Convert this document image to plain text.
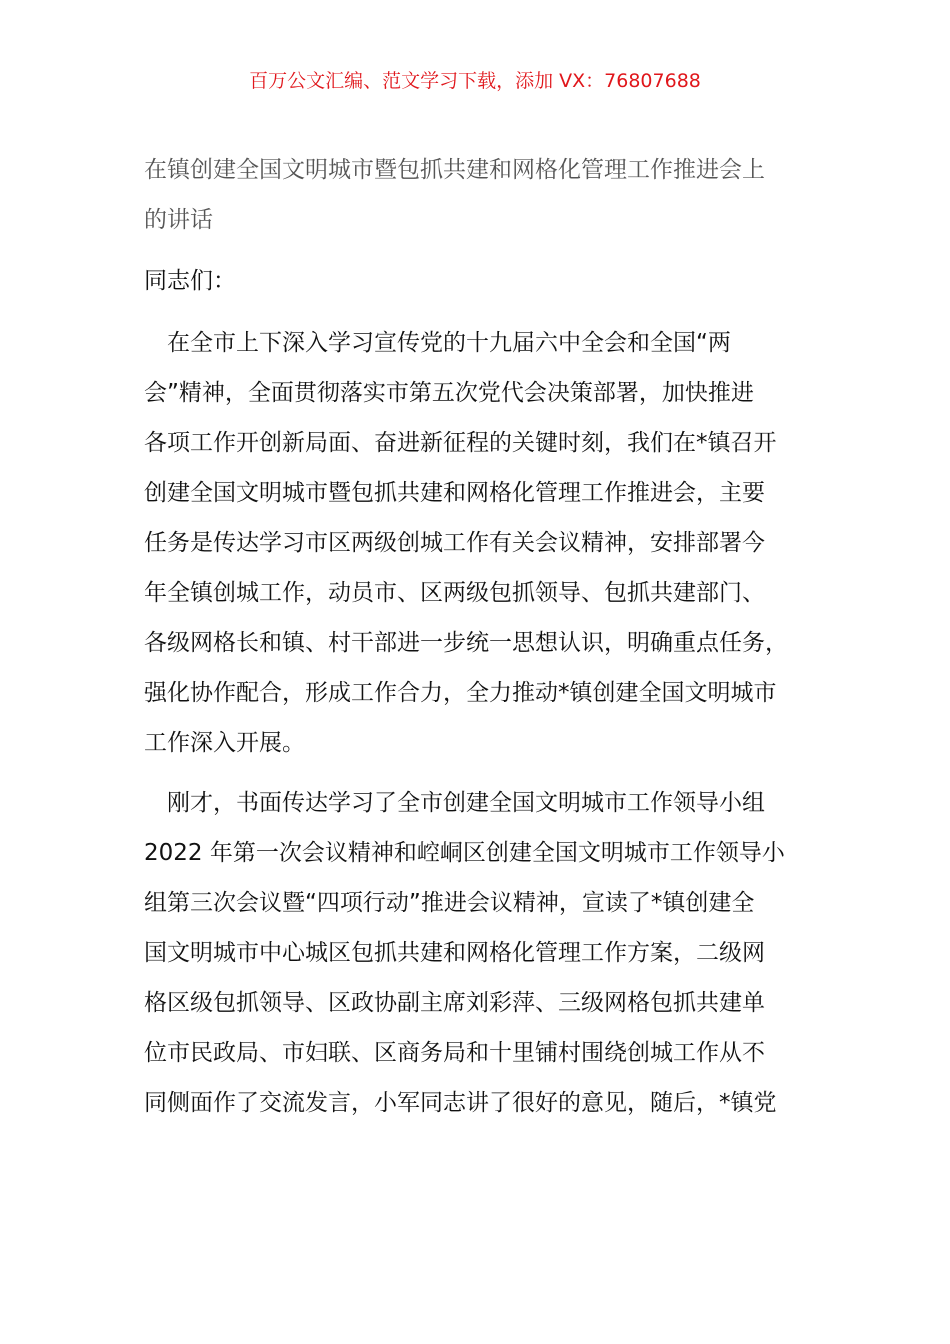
百万公文汇编、范文学习下载，添加 VX：76807688
在镇创建全国文明城市暨包抓共建和网格化管理工作推进会上
的讲话
同志们：
　在全市上下深入学习宣传党的十九届六中全会和全国“两
会”精神，全面贯彻落实市第五次党代会决策部署，加快推进
各项工作开创新局面、奋进新征程的关键时刻，我们在*镇召开
创建全国文明城市暨包抓共建和网格化管理工作推进会，主要
任务是传达学习市区两级创城工作有关会议精神，安排部署今
年全镇创城工作，动员市、区两级包抓领导、包抓共建部门、
各级网格长和镇、村干部进一步统一思想认识，明确重点任务，
强化协作配合，形成工作合力，全力推动*镇创建全国文明城市
工作深入开展。
　刚才，书面传达学习了全市创建全国文明城市工作领导小组
2022 年第一次会议精神和崆峒区创建全国文明城市工作领导小
组第三次会议暨“四项行动”推进会议精神，宣读了*镇创建全
国文明城市中心城区包抓共建和网格化管理工作方案，二级网
格区级包抓领导、区政协副主席刘彩萍、三级网格包抓共建单
位市民政局、市妇联、区商务局和十里铺村围绕创城工作从不
同侧面作了交流发言，小军同志讲了很好的意见，随后，*镇党
